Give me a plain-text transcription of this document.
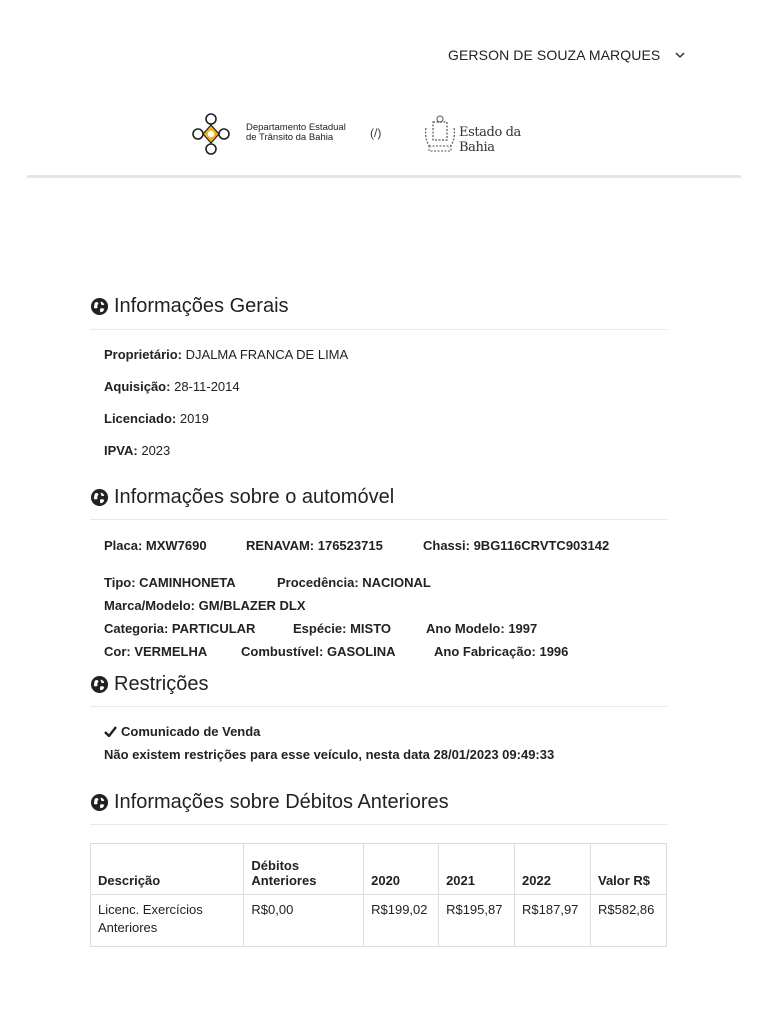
GERSON DE SOUZA MARQUES
Departamento Estadual
de Trânsito da Bahia	(/)	Estado da Bahia
Informações Gerais
Proprietário: DJALMA FRANCA DE LIMA
Aquisição: 28-11-2014
Licenciado: 2019
IPVA: 2023
Informações sobre o automóvel
Placa: MXW7690	RENAVAM: 176523715	Chassi: 9BG116CRVTC903142
Tipo: CAMINHONETA	Procedência: NACIONAL
Marca/Modelo: GM/BLAZER DLX
Categoria: PARTICULAR	Espécie: MISTO	Ano Modelo: 1997
Cor: VERMELHA	Combustível: GASOLINA	Ano Fabricação: 1996
Restrições
Comunicado de Venda
Não existem restrições para esse veículo, nesta data 28/01/2023 09:49:33
Informações sobre Débitos Anteriores
Descrição	Débitos Anteriores	2020	2021	2022	Valor R$
Licenc. Exercícios Anteriores	R$0,00	R$199,02	R$195,87	R$187,97	R$582,86
